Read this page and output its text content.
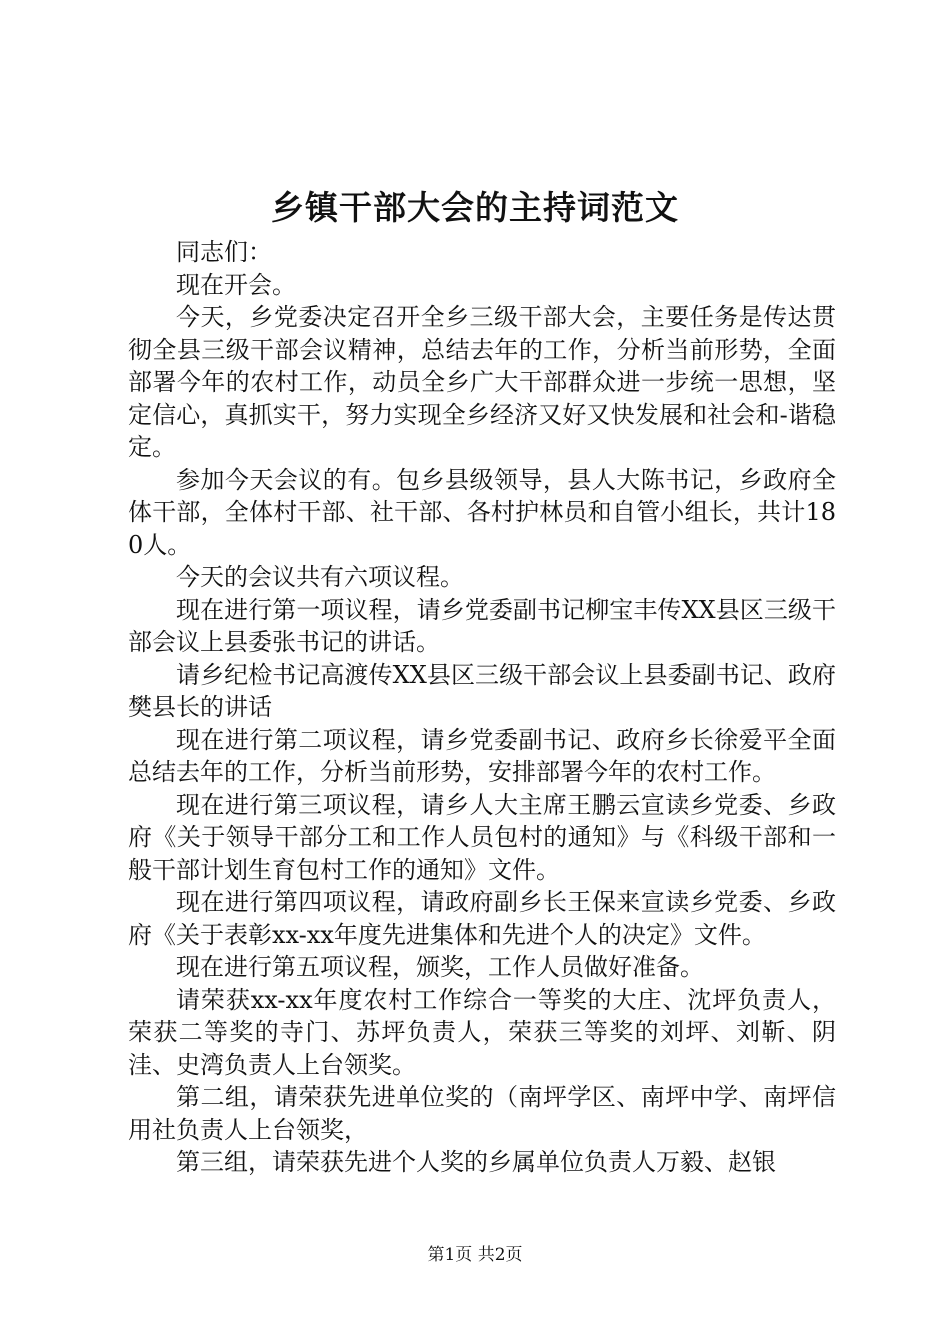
乡镇干部大会的主持词范文

同志们：

现在开会。

今天，乡党委决定召开全乡三级干部大会，主要任务是传达贯彻全县三级干部会议精神，总结去年的工作，分析当前形势，全面部署今年的农村工作，动员全乡广大干部群众进一步统一思想，坚定信心，真抓实干，努力实现全乡经济又好又快发展和社会和-谐稳定。

参加今天会议的有。包乡县级领导，县人大陈书记，乡政府全体干部，全体村干部、社干部、各村护林员和自管小组长，共计180人。

今天的会议共有六项议程。

现在进行第一项议程，请乡党委副书记柳宝丰传XX县区三级干部会议上县委张书记的讲话。

请乡纪检书记高渡传XX县区三级干部会议上县委副书记、政府樊县长的讲话

现在进行第二项议程，请乡党委副书记、政府乡长徐爱平全面总结去年的工作，分析当前形势，安排部署今年的农村工作。

现在进行第三项议程，请乡人大主席王鹏云宣读乡党委、乡政府《关于领导干部分工和工作人员包村的通知》与《科级干部和一般干部计划生育包村工作的通知》文件。

现在进行第四项议程，请政府副乡长王保来宣读乡党委、乡政府《关于表彰xx-xx年度先进集体和先进个人的决定》文件。

现在进行第五项议程，颁奖，工作人员做好准备。

请荣获xx-xx年度农村工作综合一等奖的大庄、沈坪负责人，荣获二等奖的寺门、苏坪负责人，荣获三等奖的刘坪、刘靳、阴洼、史湾负责人上台领奖。

第二组，请荣获先进单位奖的（南坪学区、南坪中学、南坪信用社负责人上台领奖，

第三组，请荣获先进个人奖的乡属单位负责人万毅、赵银

第1页 共2页
